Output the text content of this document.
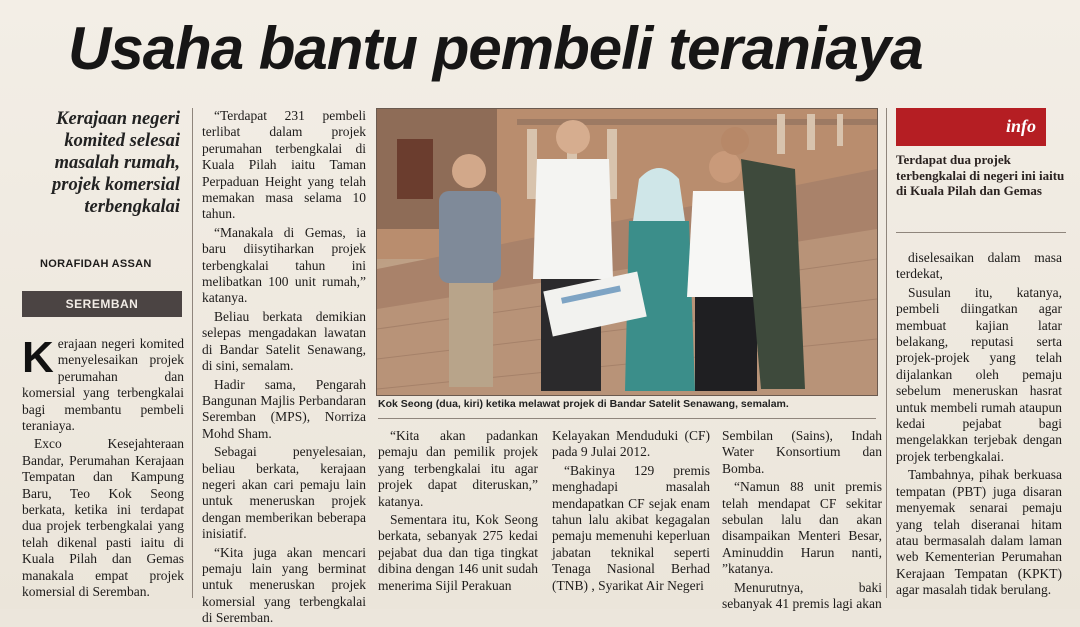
Usaha bantu pembeli teraniaya
Kerajaan negeri komited selesai masalah rumah, projek komersial terbengkalai
NORAFIDAH ASSAN
SEREMBAN

Kerajaan negeri komited menyelesaikan projek perumahan dan komersial yang terbengkalai bagi membantu pembeli teraniaya.

Exco Kesejahteraan Bandar, Perumahan Kerajaan Tempatan dan Kampung Baru, Teo Kok Seong berkata, ketika ini terdapat dua projek terbengkalai yang telah dikenal pasti iaitu di Kuala Pilah dan Gemas manakala empat projek komersial di Seremban.

“Terdapat 231 pembeli terlibat dalam projek perumahan terbengkalai di Kuala Pilah iaitu Taman Perpaduan Height yang telah memakan masa selama 10 tahun.

“Manakala di Gemas, ia baru diisytiharkan projek terbengkalai tahun ini melibatkan 100 unit rumah,” katanya.

Beliau berkata demikian selepas mengadakan lawatan di Bandar Satelit Senawang, di sini, semalam.

Hadir sama, Pengarah Bangunan Majlis Perbandaran Seremban (MPS), Norriza Mohd Sham.

Sebagai penyelesaian, beliau berkata, kerajaan negeri akan cari pemaju lain untuk meneruskan projek dengan memberikan beberapa inisiatif.

“Kita juga akan mencari pemaju lain yang berminat untuk meneruskan projek komersial yang terbengkalai di Seremban.

Kok Seong (dua, kiri) ketika melawat projek di Bandar Satelit Senawang, semalam.

“Kita akan padankan pemaju dan pemilik projek yang terbengkalai itu agar projek dapat diteruskan,” katanya.

Sementara itu, Kok Seong berkata, sebanyak 275 kedai pejabat dua dan tiga tingkat dibina dengan 146 unit sudah menerima Sijil Perakuan

Kelayakan Menduduki (CF) pada 9 Julai 2012.

“Bakinya 129 premis menghadapi masalah mendapatkan CF sejak enam tahun lalu akibat kegagalan pemaju memenuhi keperluan jabatan teknikal seperti Tenaga Nasional Berhad (TNB) , Syarikat Air Negeri

Sembilan (Sains), Indah Water Konsortium dan Bomba.

“Namun 88 unit premis telah mendapat CF sekitar sebulan lalu dan akan disampaikan Menteri Besar, Aminuddin Harun nanti, ”katanya.

Menurutnya, baki sebanyak 41 premis lagi akan

info
Terdapat dua projek terbengkalai di negeri ini iaitu di Kuala Pilah dan Gemas

diselesaikan dalam masa terdekat,

Susulan itu, katanya, pembeli diingatkan agar membuat kajian latar belakang, reputasi serta projek-projek yang telah dijalankan oleh pemaju sebelum meneruskan hasrat untuk membeli rumah ataupun kedai pejabat bagi mengelakkan terjebak dengan projek terbengkalai.

Tambahnya, pihak berkuasa tempatan (PBT) juga disaran menyemak senarai pemaju yang telah diseranai hitam atau bermasalah dalam laman web Kementerian Perumahan Kerajaan Tempatan (KPKT) agar masalah tidak berulang.
